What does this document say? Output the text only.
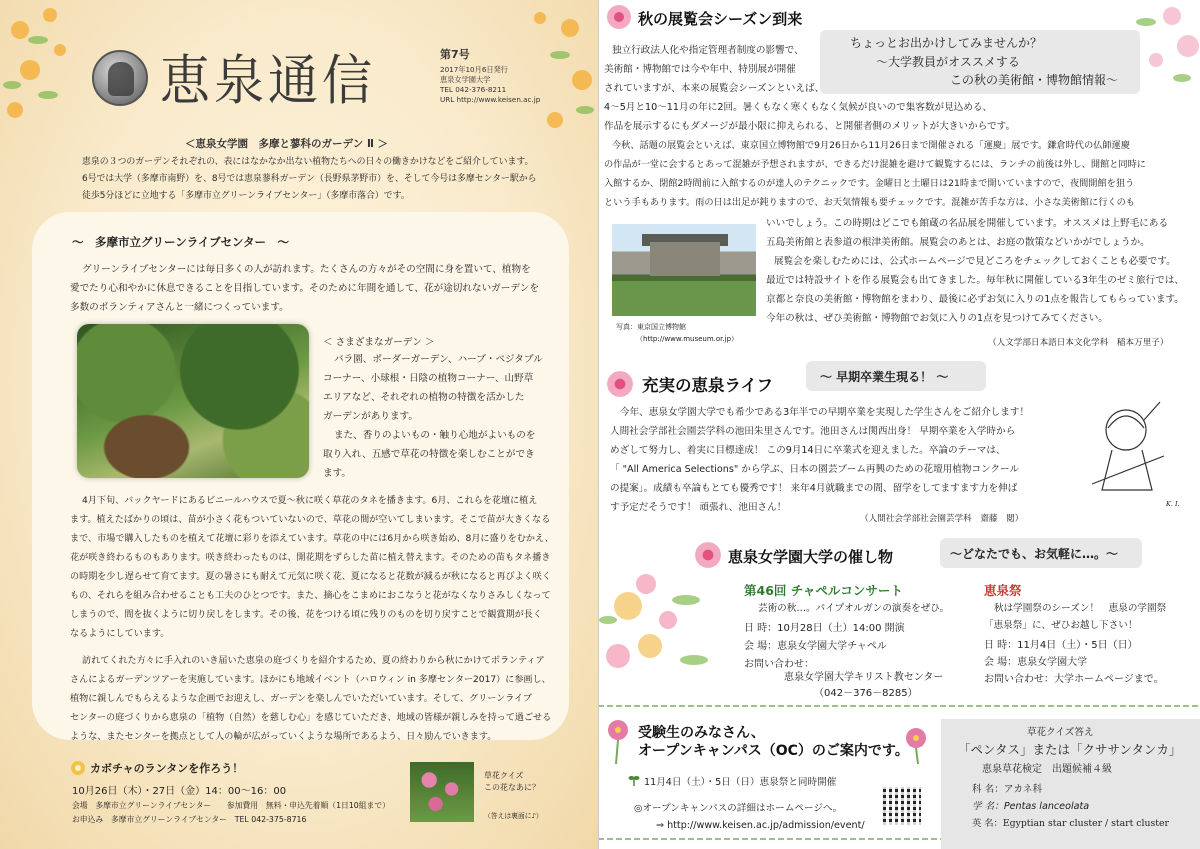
恵泉通信	第7号
2017年10月6日発行
恵泉女学園大学
TEL 042-376-8211
URL http://www.keisen.ac.jp
＜恵泉女学園　多摩と蓼科のガーデン Ⅱ ＞
恵泉の３つのガーデンそれぞれの、表にはなかなか出ない植物たちへの日々の働きかけなどをご紹介しています。
6号では大学（多摩市南野）を、8号では恵泉蓼科ガーデン（長野県茅野市）を、そして今号は多摩センター駅から
徒歩5分ほどに立地する「多摩市立グリーンライブセンター」（多摩市落合）です。
～　多摩市立グリーンライブセンター　～
グリーンライブセンターには毎日多くの人が訪れます。たくさんの方々がその空間に身を置いて、植物を
愛でたり心和やかに休息できることを目指しています。そのために年間を通して、花が途切れないガーデンを
多数のボランティアさんと一緒につくっています。
＜ さまざまなガーデン ＞
バラ園、ボーダーガーデン、ハーブ・ベジタブル
コーナー、小球根・日陰の植物コーナー、山野草
エリアなど、それぞれの植物の特徴を活かした
ガーデンがあります。
また、香りのよいもの・触り心地がよいものを
取り入れ、五感で草花の特徴を楽しむことができ
ます。
4月下旬、バックヤードにあるビニールハウスで夏～秋に咲く草花のタネを播きます。6月、これらを花壇に植え
ます。植えたばかりの頃は、苗が小さく花もついていないので、草花の間が空いてしまいます。そこで苗が大きくなる
まで、市場で購入したものを植えて花壇に彩りを添えています。草花の中には6月から咲き始め、8月に盛りをむかえ、
花が咲き終わるものもあります。咲き終わったものは、開花期をずらした苗に植え替えます。そのための苗もタネ播き
の時期を少し遅らせて育てます。夏の暑さにも耐えて元気に咲く花、夏になると花数が減るが秋になると再びよく咲く
もの、それらを組み合わせることも工夫のひとつです。また、摘心をこまめにおこなうと花がなくなりさみしくなって
しまうので、間を抜くように切り戻しをします。その後、花をつける頃に残りのものを切り戻すことで観賞期が長く
なるようにしています。
訪れてくれた方々に手入れのいき届いた恵泉の庭づくりを紹介するため、夏の終わりから秋にかけてボランティア
さんによるガーデンツアーを実施しています。ほかにも地域イベント（ハロウィン in 多摩センター2017）に参画し、
植物に親しんでもらえるような企画でお迎えし、ガーデンを楽しんでいただいています。そして、グリーンライブ
センターの庭づくりから恵泉の「植物（自然）を慈しむ心」を感じていただき、地域の皆様が親しみを持って過ごせる
カボチャのランタンを作ろう！
10月26日（木）・27日（金）14：00～16：00
会場　多摩市立グリーンライブセンター　　参加費用　無料・申込先着順（1日10組まで）
お申込み　多摩市立グリーンライブセンター　TEL 042-375-8716
草花クイズ
この花なあに？
（答えは裏面に♪）
ような、またセンターを拠点として人の輪が広がっていくような場所であるよう、日々励んでいきます。
秋の展覧会シーズン到来
ちょっとお出かけしてみませんか？
～大学教員がオススメする
この秋の美術館・博物館情報～
独立行政法人化や指定管理者制度の影響で、
美術館・博物館では今や年中、特別展が開催
されていますが、本来の展覧会シーズンといえば、
4～5月と10～11月の年に2回。暑くもなく寒くもなく気候が良いので集客数が見込める、
作品を展示するにもダメージが最小限に抑えられる、と開催者側のメリットが大きいからです。
今秋、話題の展覧会といえば、東京国立博物館で9月26日から11月26日まで開催される「運慶」展です。鎌倉時代の仏師運慶
の作品が一堂に会するとあって混雑が予想されますが、できるだけ混雑を避けて観覧するには、ランチの前後は外し、開館と同時に
入館するか、閉館2時間前に入館するのが達人のテクニックです。金曜日と土曜日は21時まで開いていますので、夜間開館を狙う
という手もあります。雨の日は出足が鈍りますので、お天気情報も要チェックです。混雑が苦手な方は、小さな美術館に行くのも
写真：東京国立博物館
（http://www.museum.or.jp）
いいでしょう。この時期はどこでも館蔵の名品展を開催しています。オススメは上野毛にある
五島美術館と表参道の根津美術館。展覧会のあとは、お庭の散策などいかがでしょうか。
展覧会を楽しむためには、公式ホームページで見どころをチェックしておくことも必要です。
最近では特設サイトを作る展覧会も出てきました。毎年秋に開催している3年生のゼミ旅行では、
京都と奈良の美術館・博物館をまわり、最後に必ずお気に入りの1点を報告してもらっています。
今年の秋は、ぜひ美術館・博物館でお気に入りの1点を見つけてみてください。
（人文学部日本語日本文化学科　稲本万里子）
充実の恵泉ライフ	～ 早期卒業生現る！ ～
今年、恵泉女学園大学でも希少である3年半での早期卒業を実現した学生さんをご紹介します！
人間社会学部社会園芸学科の池田朱里さんです。池田さんは関西出身！ 早期卒業を入学時から
めざして努力し、着実に目標達成！ この9月14日に卒業式を迎えました。卒論のテーマは、
「 "All America Selections" から学ぶ、日本の園芸ブーム再興のための花壇用植物コンクール
の提案」。成績も卒論もとても優秀です！ 来年4月就職までの間、留学をしてますます力を伸ば
す予定だそうです！ 頑張れ、池田さん！
（人間社会学部社会園芸学科　齋藤　閲）
K. I.
恵泉女学園大学の催し物	～どなたでも、お気軽に…。～
第46回 チャペルコンサート
芸術の秋…。パイプオルガンの演奏をぜひ。
日 時：10月28日（土）14:00 開演
会 場：恵泉女学園大学チャペル
お問い合わせ：
恵泉女学園大学キリスト教センター
（042－376－8285）
恵泉祭
秋は学園祭のシーズン！　恵泉の学園祭
「恵泉祭」に、ぜひお越し下さい！
日 時：11月4日（土）・5日（日）
会 場：恵泉女学園大学
お問い合わせ：大学ホームページまで。
受験生のみなさん、
オープンキャンパス（OC）のご案内です。
11月4日（土）・5日（日）恵泉祭と同時開催
◎オープンキャンパスの詳細はホームページへ。
⇒ http://www.keisen.ac.jp/admission/event/
草花クイズ答え
「ペンタス」または「クササンタンカ」
恵泉草花検定　出題候補４級
科 名：アカネ科
学 名：Pentas lanceolata
英 名：Egyptian star cluster / start cluster
